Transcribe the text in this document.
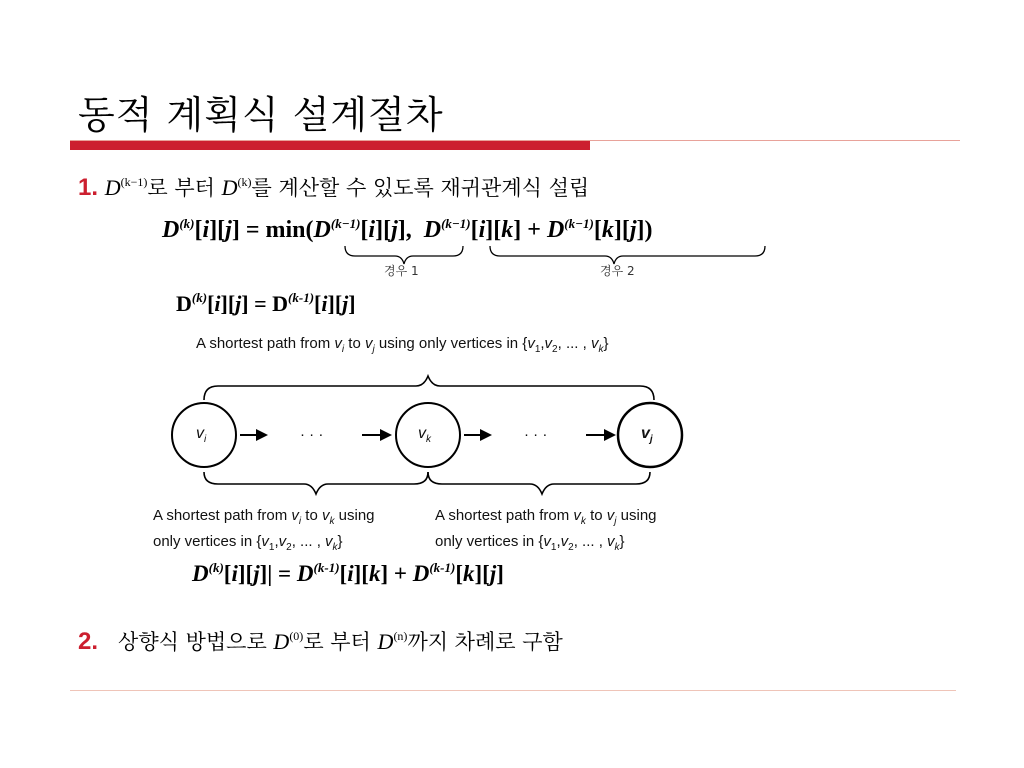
동적 계획식 설계절차
1. $D^{(k-1)}$로 부터 $D^{(k)}$를 계산할 수 있도록 재귀관계식 설립
$D^{(k)}[i][j] = \min(D^{(k-1)}[i][j]$,  $D^{(k-1)}[i][k] + D^{(k-1)}[k][j]$)
경우 1	경우 2
$D^{(k)}[i][j] = D^{(k-1)}[i][j]$
A shortest path from $v_i$ to $v_j$ using only vertices in {$v_1,v_2$, ... , $v_k$}
$v_i$	$v_k$	$v_j$
· · ·	· · ·
A shortest path from $v_i$ to $v_k$ using
only vertices in {$v_1,v_2$, ... , $v_k$}
A shortest path from $v_k$ to $v_j$ using
only vertices in {$v_1,v_2$, ... , $v_k$}
$D^{(k)}[i][j]| = D^{(k-1)}[i][k] + D^{(k-1)}[k][j]$
2. 상향식 방법으로 $D^{(0)}$로 부터 $D^{(n)}$까지 차례로 구함
